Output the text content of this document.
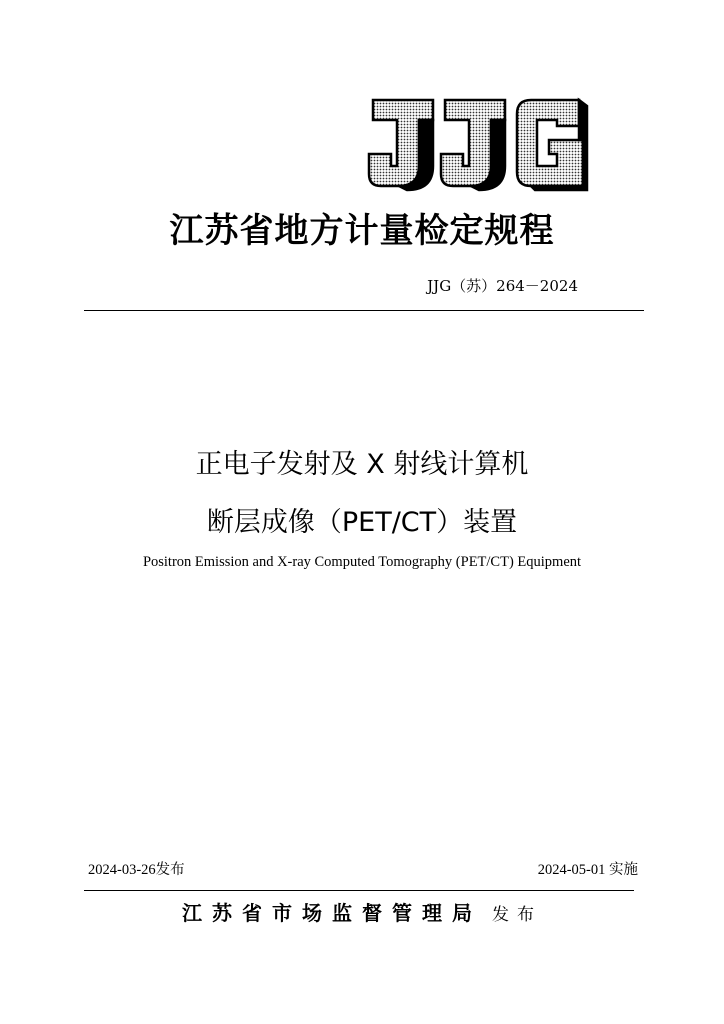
江苏省地方计量检定规程
JJG（苏）264－2024
正电子发射及 X 射线计算机
断层成像（PET/CT）装置
Positron Emission and X-ray Computed Tomography (PET/CT) Equipment
2024-03-26发布	2024-05-01 实施
江苏省市场监督管理局 发布
